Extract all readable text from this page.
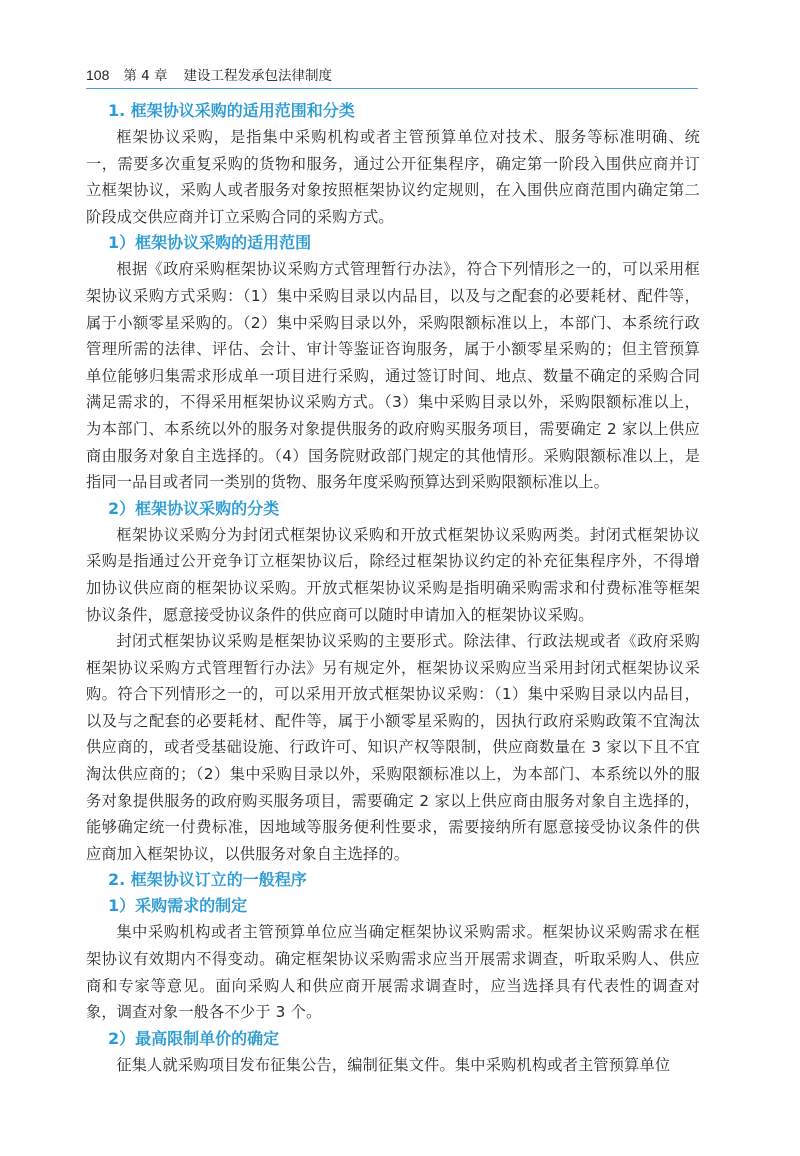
108 第 4 章 建设工程发承包法律制度
1. 框架协议采购的适用范围和分类

框架协议采购，是指集中采购机构或者主管预算单位对技术、服务等标准明确、统一，需要多次重复采购的货物和服务，通过公开征集程序，确定第一阶段入围供应商并订立框架协议，采购人或者服务对象按照框架协议约定规则，在入围供应商范围内确定第二阶段成交供应商并订立采购合同的采购方式。

1）框架协议采购的适用范围

根据《政府采购框架协议采购方式管理暂行办法》，符合下列情形之一的，可以采用框架协议采购方式采购：（1）集中采购目录以内品目，以及与之配套的必要耗材、配件等，属于小额零星采购的。（2）集中采购目录以外，采购限额标准以上，本部门、本系统行政管理所需的法律、评估、会计、审计等鉴证咨询服务，属于小额零星采购的；但主管预算单位能够归集需求形成单一项目进行采购，通过签订时间、地点、数量不确定的采购合同满足需求的，不得采用框架协议采购方式。（3）集中采购目录以外，采购限额标准以上，为本部门、本系统以外的服务对象提供服务的政府购买服务项目，需要确定 2 家以上供应商由服务对象自主选择的。（4）国务院财政部门规定的其他情形。采购限额标准以上，是指同一品目或者同一类别的货物、服务年度采购预算达到采购限额标准以上。

2）框架协议采购的分类

框架协议采购分为封闭式框架协议采购和开放式框架协议采购两类。封闭式框架协议采购是指通过公开竞争订立框架协议后，除经过框架协议约定的补充征集程序外，不得增加协议供应商的框架协议采购。开放式框架协议采购是指明确采购需求和付费标准等框架协议条件，愿意接受协议条件的供应商可以随时申请加入的框架协议采购。

封闭式框架协议采购是框架协议采购的主要形式。除法律、行政法规或者《政府采购框架协议采购方式管理暂行办法》另有规定外，框架协议采购应当采用封闭式框架协议采购。符合下列情形之一的，可以采用开放式框架协议采购：（1）集中采购目录以内品目，以及与之配套的必要耗材、配件等，属于小额零星采购的，因执行政府采购政策不宜淘汰供应商的，或者受基础设施、行政许可、知识产权等限制，供应商数量在 3 家以下且不宜淘汰供应商的；（2）集中采购目录以外，采购限额标准以上，为本部门、本系统以外的服务对象提供服务的政府购买服务项目，需要确定 2 家以上供应商由服务对象自主选择的，能够确定统一付费标准，因地域等服务便利性要求，需要接纳所有愿意接受协议条件的供应商加入框架协议，以供服务对象自主选择的。

2. 框架协议订立的一般程序
1）采购需求的制定

集中采购机构或者主管预算单位应当确定框架协议采购需求。框架协议采购需求在框架协议有效期内不得变动。确定框架协议采购需求应当开展需求调查，听取采购人、供应商和专家等意见。面向采购人和供应商开展需求调查时，应当选择具有代表性的调查对象，调查对象一般各不少于 3 个。

2）最高限制单价的确定

征集人就采购项目发布征集公告，编制征集文件。集中采购机构或者主管预算单位
